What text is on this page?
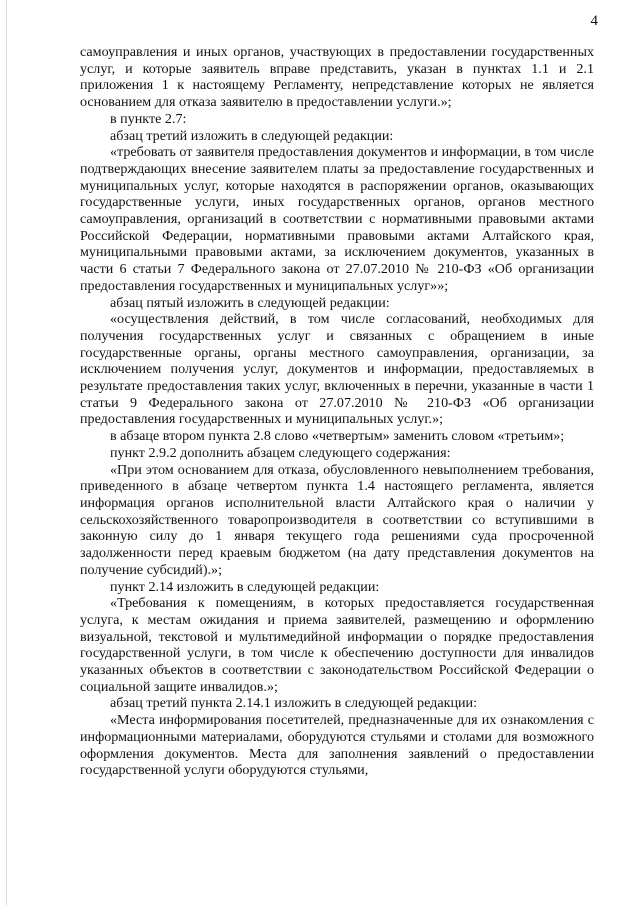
4

самоуправления и иных органов, участвующих в предоставлении государственных услуг, и которые заявитель вправе представить, указан в пунктах 1.1 и 2.1 приложения 1 к настоящему Регламенту, непредставление которых не является основанием для отказа заявителю в предоставлении услуги.»;

в пункте 2.7:

абзац третий изложить в следующей редакции:

«требовать от заявителя предоставления документов и информации, в том числе подтверждающих внесение заявителем платы за предоставление государственных и муниципальных услуг, которые находятся в распоряжении органов, оказывающих государственные услуги, иных государственных органов, органов местного самоуправления, организаций в соответствии с нормативными правовыми актами Российской Федерации, нормативными правовыми актами Алтайского края, муниципальными правовыми актами, за исключением документов, указанных в части 6 статьи 7 Федерального закона от 27.07.2010 № 210-ФЗ «Об организации предоставления государственных и муниципальных услуг»»;

абзац пятый изложить в следующей редакции:

«осуществления действий, в том числе согласований, необходимых для получения государственных услуг и связанных с обращением в иные государственные органы, органы местного самоуправления, организации, за исключением получения услуг, документов и информации, предоставляемых в результате предоставления таких услуг, включенных в перечни, указанные в части 1 статьи 9 Федерального закона от 27.07.2010 № 210-ФЗ «Об организации предоставления государственных и муниципальных услуг.»;

в абзаце втором пункта 2.8 слово «четвертым» заменить словом «третьим»;

пункт 2.9.2 дополнить абзацем следующего содержания:

«При этом основанием для отказа, обусловленного невыполнением требования, приведенного в абзаце четвертом пункта 1.4 настоящего регламента, является информация органов исполнительной власти Алтайского края о наличии у сельскохозяйственного товаропроизводителя в соответствии со вступившими в законную силу до 1 января текущего года решениями суда просроченной задолженности перед краевым бюджетом (на дату представления документов на получение субсидий).»;

пункт 2.14 изложить в следующей редакции:

«Требования к помещениям, в которых предоставляется государственная услуга, к местам ожидания и приема заявителей, размещению и оформлению визуальной, текстовой и мультимедийной информации о порядке предоставления государственной услуги, в том числе к обеспечению доступности для инвалидов указанных объектов в соответствии с законодательством Российской Федерации о социальной защите инвалидов.»;

абзац третий пункта 2.14.1 изложить в следующей редакции:

«Места информирования посетителей, предназначенные для их ознакомления с информационными материалами, оборудуются стульями и столами для возможного оформления документов. Места для заполнения заявлений о предоставлении государственной услуги оборудуются стульями,
